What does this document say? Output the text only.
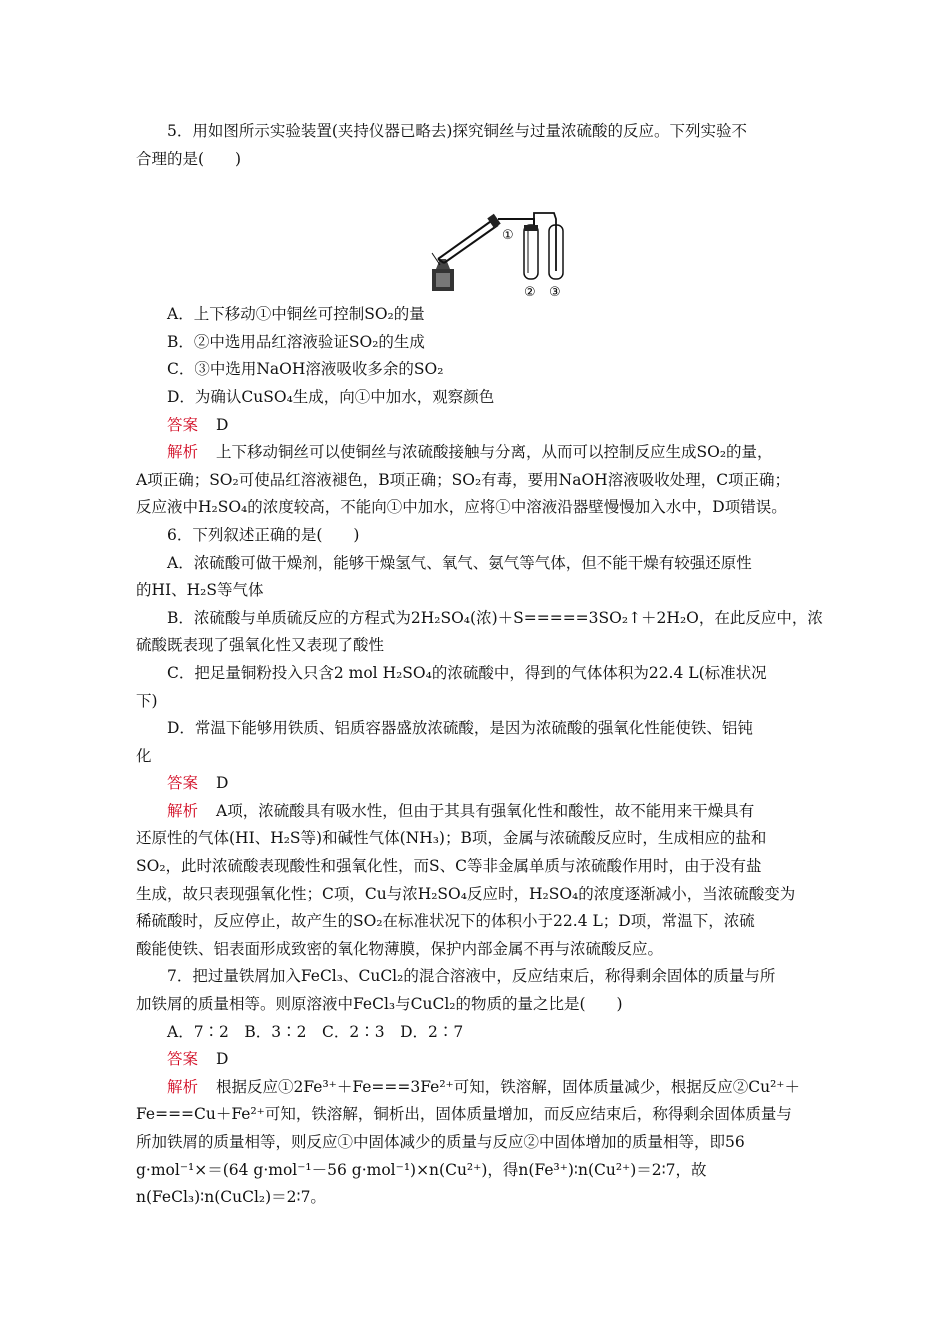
5．用如图所示实验装置(夹持仪器已略去)探究铜丝与过量浓硫酸的反应。下列实验不
合理的是(　　)
①
② ③
A．上下移动①中铜丝可控制SO₂的量
B．②中选用品红溶液验证SO₂的生成
C．③中选用NaOH溶液吸收多余的SO₂
D．为确认CuSO₄生成，向①中加水，观察颜色
答案 D
解析 上下移动铜丝可以使铜丝与浓硫酸接触与分离，从而可以控制反应生成SO₂的量，
A项正确；SO₂可使品红溶液褪色，B项正确；SO₂有毒，要用NaOH溶液吸收处理，C项正确；
反应液中H₂SO₄的浓度较高，不能向①中加水，应将①中溶液沿器壁慢慢加入水中，D项错误。
6．下列叙述正确的是(　　)
A．浓硫酸可做干燥剂，能够干燥氢气、氧气、氨气等气体，但不能干燥有较强还原性
的HI、H₂S等气体
B．浓硫酸与单质硫反应的方程式为2H₂SO₄(浓)＋S=====3SO₂↑＋2H₂O，在此反应中，浓
硫酸既表现了强氧化性又表现了酸性
C．把足量铜粉投入只含2 mol H₂SO₄的浓硫酸中，得到的气体体积为22.4 L(标准状况
下)
D．常温下能够用铁质、铝质容器盛放浓硫酸，是因为浓硫酸的强氧化性能使铁、铝钝
化
答案 D
解析 A项，浓硫酸具有吸水性，但由于其具有强氧化性和酸性，故不能用来干燥具有
还原性的气体(HI、H₂S等)和碱性气体(NH₃)；B项，金属与浓硫酸反应时，生成相应的盐和
SO₂，此时浓硫酸表现酸性和强氧化性，而S、C等非金属单质与浓硫酸作用时，由于没有盐
生成，故只表现强氧化性；C项，Cu与浓H₂SO₄反应时，H₂SO₄的浓度逐渐减小，当浓硫酸变为
稀硫酸时，反应停止，故产生的SO₂在标准状况下的体积小于22.4 L；D项，常温下，浓硫
酸能使铁、铝表面形成致密的氧化物薄膜，保护内部金属不再与浓硫酸反应。
7．把过量铁屑加入FeCl₃、CuCl₂的混合溶液中，反应结束后，称得剩余固体的质量与所
加铁屑的质量相等。则原溶液中FeCl₃与CuCl₂的物质的量之比是(　　)
A．7∶2　B．3∶2　C．2∶3　D．2∶7
答案 D
解析 根据反应①2Fe³⁺＋Fe===3Fe²⁺可知，铁溶解，固体质量减少，根据反应②Cu²⁺＋
Fe===Cu＋Fe²⁺可知，铁溶解，铜析出，固体质量增加，而反应结束后，称得剩余固体质量与
所加铁屑的质量相等，则反应①中固体减少的质量与反应②中固体增加的质量相等，即56
g·mol⁻¹×＝(64 g·mol⁻¹－56 g·mol⁻¹)×n(Cu²⁺)，得n(Fe³⁺)∶n(Cu²⁺)＝2∶7，故
n(FeCl₃)∶n(CuCl₂)＝2∶7。
